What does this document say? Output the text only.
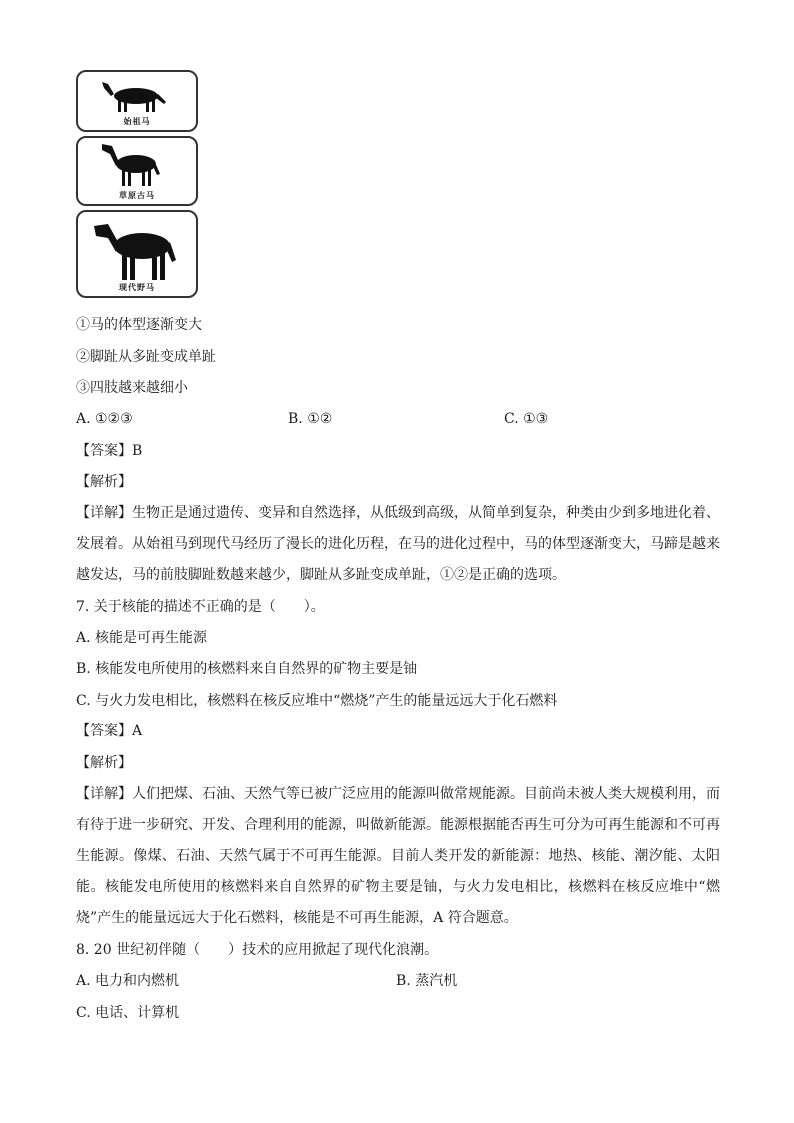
始祖马
草原古马
现代野马
①马的体型逐渐变大
②脚趾从多趾变成单趾
③四肢越来越细小
A. ①②③	B. ①②	C. ①③
【答案】B
【解析】
【详解】生物正是通过遗传、变异和自然选择，从低级到高级，从简单到复杂，种类由少到多地进化着、发展着。从始祖马到现代马经历了漫长的进化历程，在马的进化过程中，马的体型逐渐变大，马蹄是越来越发达，马的前肢脚趾数越来越少，脚趾从多趾变成单趾，①②是正确的选项。
7. 关于核能的描述不正确的是（　　）。
A. 核能是可再生能源
B. 核能发电所使用的核燃料来自自然界的矿物主要是铀
C. 与火力发电相比，核燃料在核反应堆中“燃烧”产生的能量远远大于化石燃料
【答案】A
【解析】
【详解】人们把煤、石油、天然气等已被广泛应用的能源叫做常规能源。目前尚未被人类大规模利用，而有待于进一步研究、开发、合理利用的能源，叫做新能源。能源根据能否再生可分为可再生能源和不可再生能源。像煤、石油、天然气属于不可再生能源。目前人类开发的新能源：地热、核能、潮汐能、太阳能。核能发电所使用的核燃料来自自然界的矿物主要是铀，与火力发电相比，核燃料在核反应堆中“燃烧”产生的能量远远大于化石燃料，核能是不可再生能源，A 符合题意。
8. 20 世纪初伴随（　　）技术的应用掀起了现代化浪潮。
A. 电力和内燃机	B. 蒸汽机
C. 电话、计算机
